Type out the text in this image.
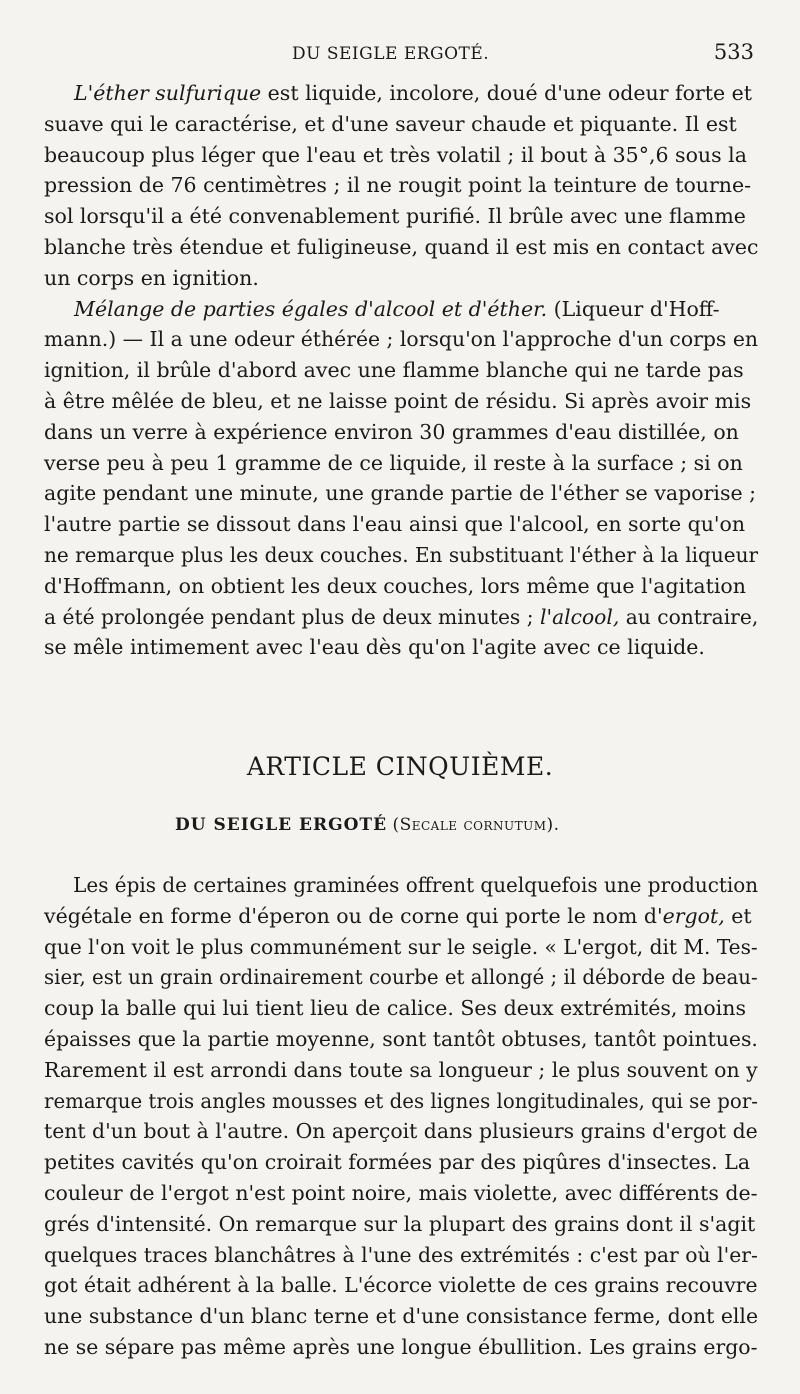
DU SEIGLE ERGOTÉ.	533
L'éther sulfurique est liquide, incolore, doué d'une odeur forte et
suave qui le caractérise, et d'une saveur chaude et piquante. Il est
beaucoup plus léger que l'eau et très volatil ; il bout à 35°,6 sous la
pression de 76 centimètres ; il ne rougit point la teinture de tourne-
sol lorsqu'il a été convenablement purifié. Il brûle avec une flamme
blanche très étendue et fuligineuse, quand il est mis en contact avec
un corps en ignition.
Mélange de parties égales d'alcool et d'éther. (Liqueur d'Hoff-
mann.) — Il a une odeur éthérée ; lorsqu'on l'approche d'un corps en
ignition, il brûle d'abord avec une flamme blanche qui ne tarde pas
à être mêlée de bleu, et ne laisse point de résidu. Si après avoir mis
dans un verre à expérience environ 30 grammes d'eau distillée, on
verse peu à peu 1 gramme de ce liquide, il reste à la surface ; si on
agite pendant une minute, une grande partie de l'éther se vaporise ;
l'autre partie se dissout dans l'eau ainsi que l'alcool, en sorte qu'on
ne remarque plus les deux couches. En substituant l'éther à la liqueur
d'Hoffmann, on obtient les deux couches, lors même que l'agitation
a été prolongée pendant plus de deux minutes ; l'alcool, au contraire,
se mêle intimement avec l'eau dès qu'on l'agite avec ce liquide.
ARTICLE CINQUIÈME.
DU SEIGLE ERGOTÉ (Secale cornutum).
Les épis de certaines graminées offrent quelquefois une production
végétale en forme d'éperon ou de corne qui porte le nom d'ergot, et
que l'on voit le plus communément sur le seigle. « L'ergot, dit M. Tes-
sier, est un grain ordinairement courbe et allongé ; il déborde de beau-
coup la balle qui lui tient lieu de calice. Ses deux extrémités, moins
épaisses que la partie moyenne, sont tantôt obtuses, tantôt pointues.
Rarement il est arrondi dans toute sa longueur ; le plus souvent on y
remarque trois angles mousses et des lignes longitudinales, qui se por-
tent d'un bout à l'autre. On aperçoit dans plusieurs grains d'ergot de
petites cavités qu'on croirait formées par des piqûres d'insectes. La
couleur de l'ergot n'est point noire, mais violette, avec différents de-
grés d'intensité. On remarque sur la plupart des grains dont il s'agit
quelques traces blanchâtres à l'une des extrémités : c'est par où l'er-
got était adhérent à la balle. L'écorce violette de ces grains recouvre
une substance d'un blanc terne et d'une consistance ferme, dont elle
ne se sépare pas même après une longue ébullition. Les grains ergo-
